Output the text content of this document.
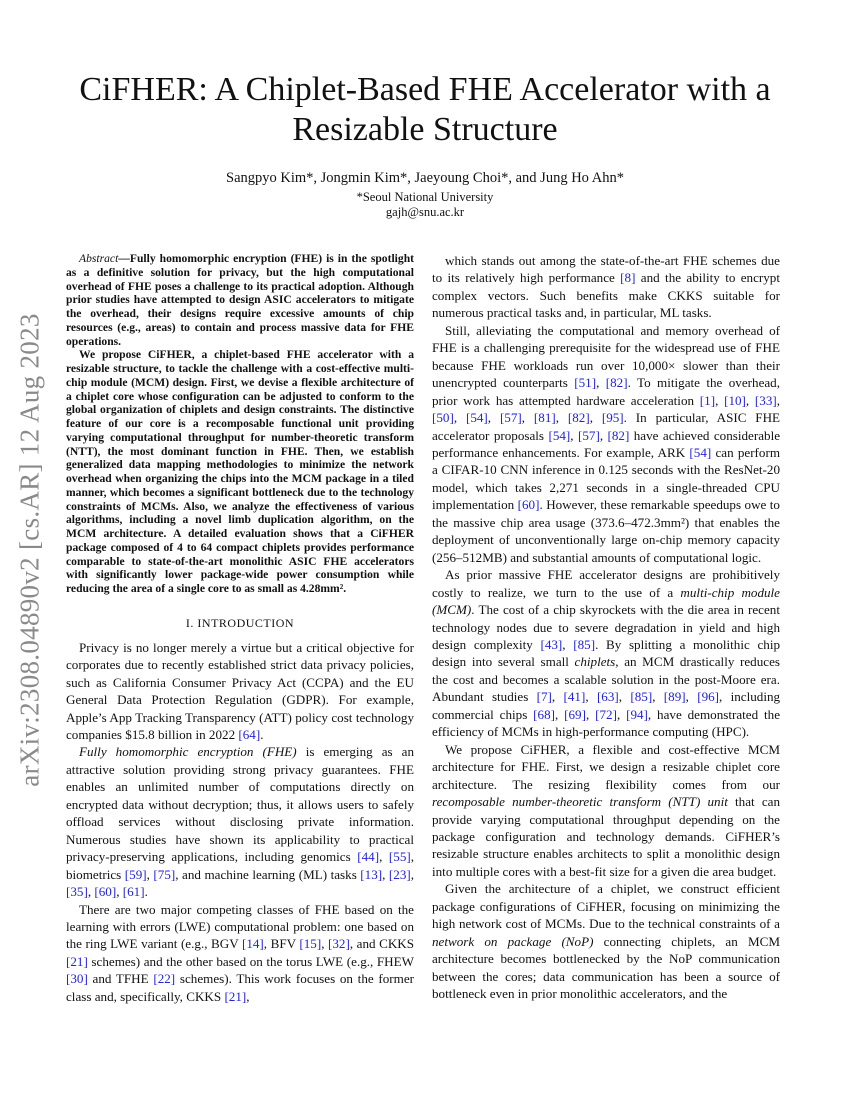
arXiv:2308.04890v2 [cs.AR] 12 Aug 2023
CiFHER: A Chiplet-Based FHE Accelerator with a Resizable Structure
Sangpyo Kim*, Jongmin Kim*, Jaeyoung Choi*, and Jung Ho Ahn*
*Seoul National University
gajh@snu.ac.kr

Abstract—Fully homomorphic encryption (FHE) is in the spotlight as a definitive solution for privacy, but the high computational overhead of FHE poses a challenge to its practical adoption. Although prior studies have attempted to design ASIC accelerators to mitigate the overhead, their designs require excessive amounts of chip resources (e.g., areas) to contain and process massive data for FHE operations.

We propose CiFHER, a chiplet-based FHE accelerator with a resizable structure, to tackle the challenge with a cost-effective multi-chip module (MCM) design. First, we devise a flexible architecture of a chiplet core whose configuration can be adjusted to conform to the global organization of chiplets and design constraints. The distinctive feature of our core is a recomposable functional unit providing varying computational throughput for number-theoretic transform (NTT), the most dominant function in FHE. Then, we establish generalized data mapping methodologies to minimize the network overhead when organizing the chips into the MCM package in a tiled manner, which becomes a significant bottleneck due to the technology constraints of MCMs. Also, we analyze the effectiveness of various algorithms, including a novel limb duplication algorithm, on the MCM architecture. A detailed evaluation shows that a CiFHER package composed of 4 to 64 compact chiplets provides performance comparable to state-of-the-art monolithic ASIC FHE accelerators with significantly lower package-wide power consumption while reducing the area of a single core to as small as 4.28mm².

I. INTRODUCTION

Privacy is no longer merely a virtue but a critical objective for corporates due to recently established strict data privacy policies, such as California Consumer Privacy Act (CCPA) and the EU General Data Protection Regulation (GDPR). For example, Apple’s App Tracking Transparency (ATT) policy cost technology companies $15.8 billion in 2022 [64].

Fully homomorphic encryption (FHE) is emerging as an attractive solution providing strong privacy guarantees. FHE enables an unlimited number of computations directly on encrypted data without decryption; thus, it allows users to safely offload services without disclosing private information. Numerous studies have shown its applicability to practical privacy-preserving applications, including genomics [44], [55], biometrics [59], [75], and machine learning (ML) tasks [13], [23], [35], [60], [61].

There are two major competing classes of FHE based on the learning with errors (LWE) computational problem: one based on the ring LWE variant (e.g., BGV [14], BFV [15], [32], and CKKS [21] schemes) and the other based on the torus LWE (e.g., FHEW [30] and TFHE [22] schemes). This work focuses on the former class and, specifically, CKKS [21],

which stands out among the state-of-the-art FHE schemes due to its relatively high performance [8] and the ability to encrypt complex vectors. Such benefits make CKKS suitable for numerous practical tasks and, in particular, ML tasks.

Still, alleviating the computational and memory overhead of FHE is a challenging prerequisite for the widespread use of FHE because FHE workloads run over 10,000× slower than their unencrypted counterparts [51], [82]. To mitigate the overhead, prior work has attempted hardware acceleration [1], [10], [33], [50], [54], [57], [81], [82], [95]. In particular, ASIC FHE accelerator proposals [54], [57], [82] have achieved considerable performance enhancements. For example, ARK [54] can perform a CIFAR-10 CNN inference in 0.125 seconds with the ResNet-20 model, which takes 2,271 seconds in a single-threaded CPU implementation [60]. However, these remarkable speedups owe to the massive chip area usage (373.6–472.3mm²) that enables the deployment of unconventionally large on-chip memory capacity (256–512MB) and substantial amounts of computational logic.

As prior massive FHE accelerator designs are prohibitively costly to realize, we turn to the use of a multi-chip module (MCM). The cost of a chip skyrockets with the die area in recent technology nodes due to severe degradation in yield and high design complexity [43], [85]. By splitting a monolithic chip design into several small chiplets, an MCM drastically reduces the cost and becomes a scalable solution in the post-Moore era. Abundant studies [7], [41], [63], [85], [89], [96], including commercial chips [68], [69], [72], [94], have demonstrated the efficiency of MCMs in high-performance computing (HPC).

We propose CiFHER, a flexible and cost-effective MCM architecture for FHE. First, we design a resizable chiplet core architecture. The resizing flexibility comes from our recomposable number-theoretic transform (NTT) unit that can provide varying computational throughput depending on the package configuration and technology demands. CiFHER’s resizable structure enables architects to split a monolithic design into multiple cores with a best-fit size for a given die area budget.

Given the architecture of a chiplet, we construct efficient package configurations of CiFHER, focusing on minimizing the high network cost of MCMs. Due to the technical constraints of a network on package (NoP) connecting chiplets, an MCM architecture becomes bottlenecked by the NoP communication between the cores; data communication has been a source of bottleneck even in prior monolithic accelerators, and the
